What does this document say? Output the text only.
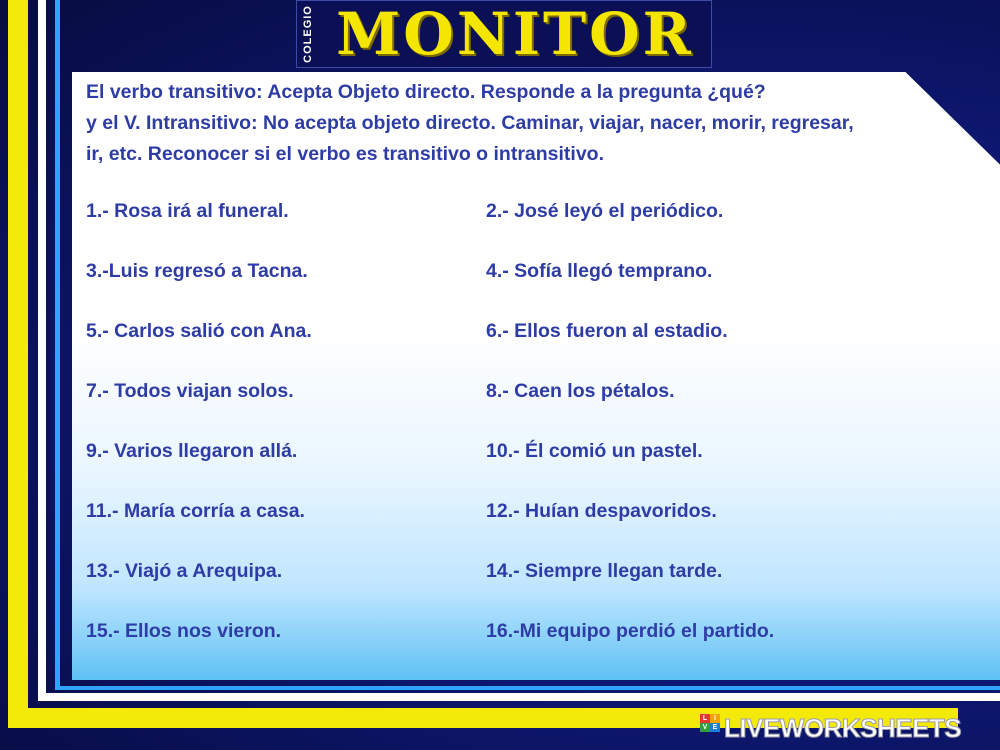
COLEGIO MONITOR
El verbo transitivo: Acepta Objeto directo. Responde a la pregunta ¿qué?
y el V. Intransitivo: No acepta objeto directo. Caminar, viajar, nacer, morir, regresar,
ir, etc. Reconocer si el verbo es transitivo o intransitivo.
1.- Rosa irá al funeral.	2.- José leyó el periódico.
3.-Luis regresó a Tacna.	4.- Sofía llegó temprano.
5.- Carlos salió con Ana.	6.- Ellos fueron al estadio.
7.- Todos viajan solos.	8.- Caen los pétalos.
9.- Varios llegaron allá.	10.- Él comió un pastel.
11.- María corría a casa.	12.- Huían despavoridos.
13.- Viajó a Arequipa.	14.- Siempre llegan tarde.
15.- Ellos nos vieron.	16.-Mi equipo perdió el partido.
L I
V E LIVEWORKSHEETS
